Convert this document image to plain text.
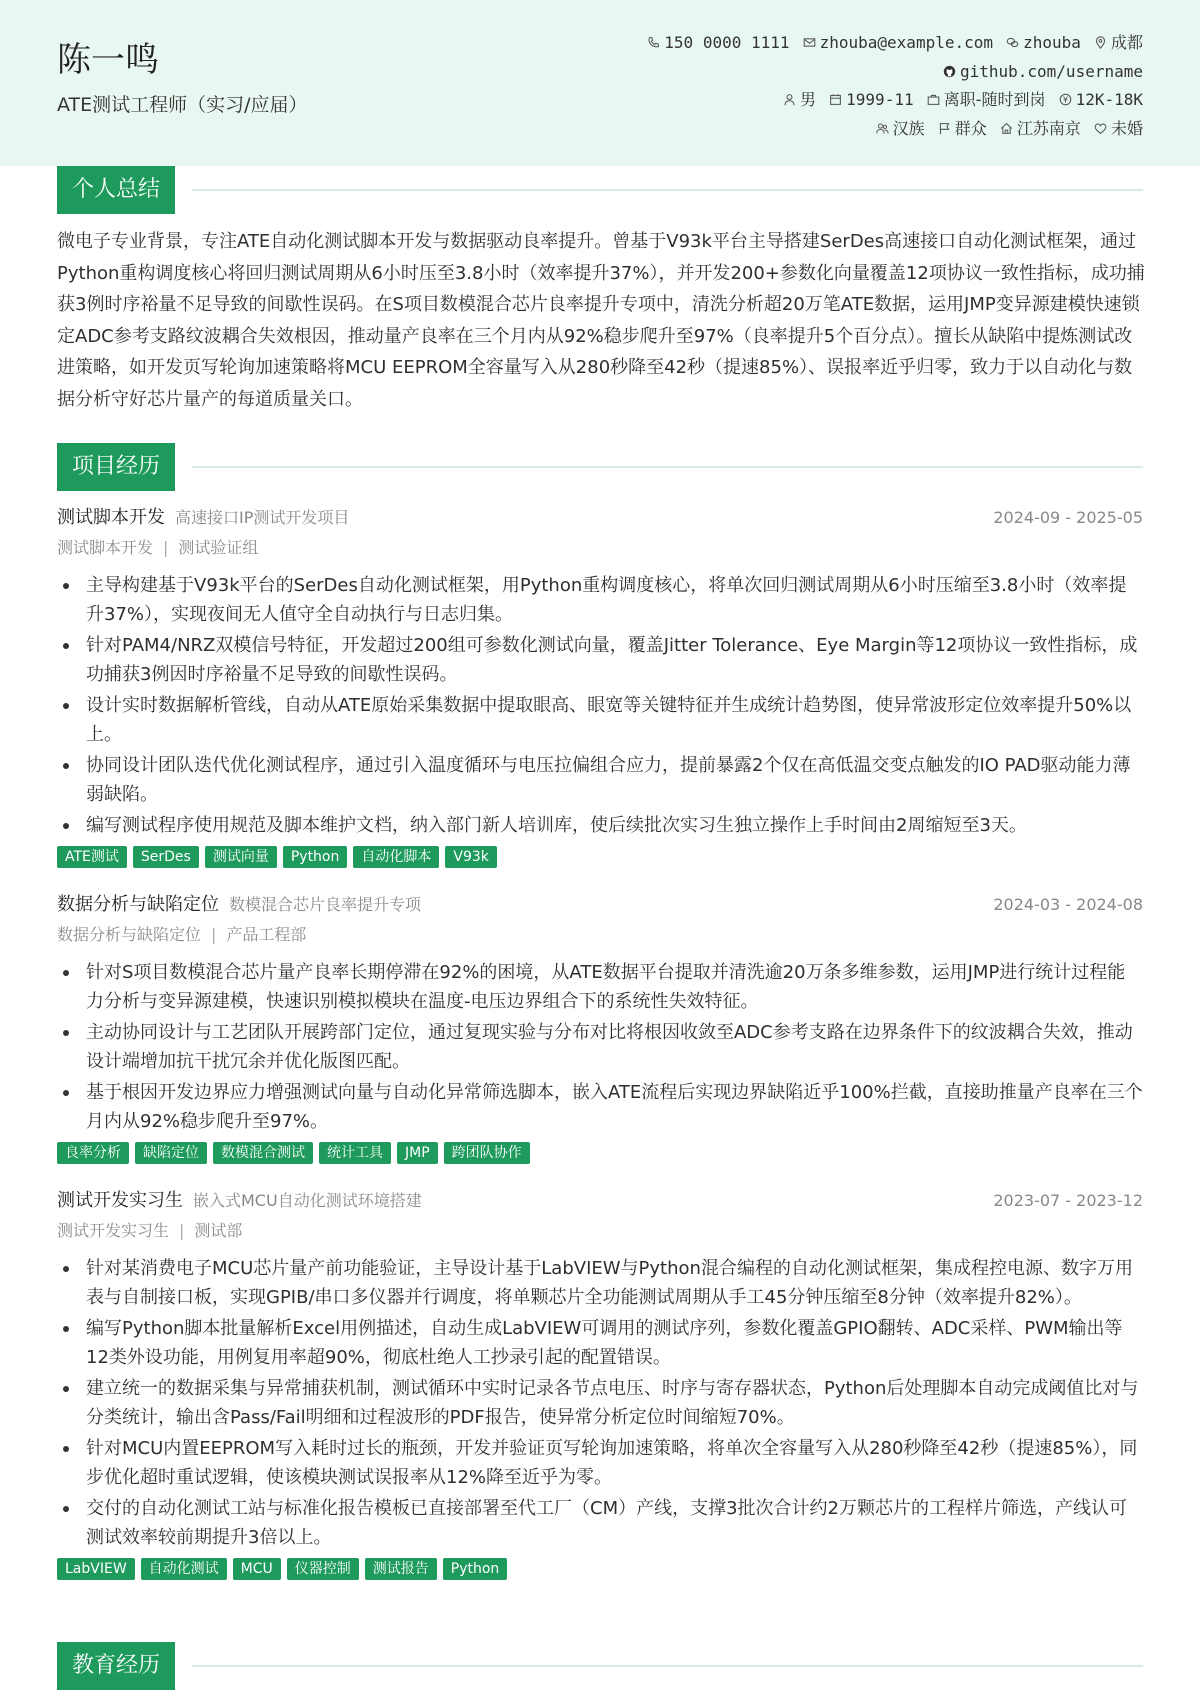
陈一鸣
ATE测试工程师（实习/应届）
150 0000 1111 zhouba@example.com zhouba 成都
github.com/username
男 1999-11 离职-随时到岗 12K-18K
汉族 群众 江苏南京 未婚
个人总结
微电子专业背景，专注ATE自动化测试脚本开发与数据驱动良率提升。曾基于V93k平台主导搭建SerDes高速接口自动化测试框架，通过Python重构调度核心将回归测试周期从6小时压至3.8小时（效率提升37%），并开发200+参数化向量覆盖12项协议一致性指标，成功捕获3例时序裕量不足导致的间歇性误码。在S项目数模混合芯片良率提升专项中，清洗分析超20万笔ATE数据，运用JMP变异源建模快速锁定ADC参考支路纹波耦合失效根因，推动量产良率在三个月内从92%稳步爬升至97%（良率提升5个百分点）。擅长从缺陷中提炼测试改进策略，如开发页写轮询加速策略将MCU EEPROM全容量写入从280秒降至42秒（提速85%）、误报率近乎归零，致力于以自动化与数据分析守好芯片量产的每道质量关口。
项目经历
测试脚本开发 高速接口IP测试开发项目	2024-09 - 2025-05
测试脚本开发 | 测试验证组
主导构建基于V93k平台的SerDes自动化测试框架，用Python重构调度核心，将单次回归测试周期从6小时压缩至3.8小时（效率提升37%），实现夜间无人值守全自动执行与日志归集。
针对PAM4/NRZ双模信号特征，开发超过200组可参数化测试向量，覆盖Jitter Tolerance、Eye Margin等12项协议一致性指标，成功捕获3例因时序裕量不足导致的间歇性误码。
设计实时数据解析管线，自动从ATE原始采集数据中提取眼高、眼宽等关键特征并生成统计趋势图，使异常波形定位效率提升50%以上。
协同设计团队迭代优化测试程序，通过引入温度循环与电压拉偏组合应力，提前暴露2个仅在高低温交变点触发的IO PAD驱动能力薄弱缺陷。
编写测试程序使用规范及脚本维护文档，纳入部门新人培训库，使后续批次实习生独立操作上手时间由2周缩短至3天。
ATE测试 SerDes 测试向量 Python 自动化脚本 V93k
数据分析与缺陷定位 数模混合芯片良率提升专项	2024-03 - 2024-08
数据分析与缺陷定位 | 产品工程部
针对S项目数模混合芯片量产良率长期停滞在92%的困境，从ATE数据平台提取并清洗逾20万条多维参数，运用JMP进行统计过程能力分析与变异源建模，快速识别模拟模块在温度-电压边界组合下的系统性失效特征。
主动协同设计与工艺团队开展跨部门定位，通过复现实验与分布对比将根因收敛至ADC参考支路在边界条件下的纹波耦合失效，推动设计端增加抗干扰冗余并优化版图匹配。
基于根因开发边界应力增强测试向量与自动化异常筛选脚本，嵌入ATE流程后实现边界缺陷近乎100%拦截，直接助推量产良率在三个月内从92%稳步爬升至97%。
良率分析 缺陷定位 数模混合测试 统计工具 JMP 跨团队协作
测试开发实习生 嵌入式MCU自动化测试环境搭建	2023-07 - 2023-12
测试开发实习生 | 测试部
针对某消费电子MCU芯片量产前功能验证，主导设计基于LabVIEW与Python混合编程的自动化测试框架，集成程控电源、数字万用表与自制接口板，实现GPIB/串口多仪器并行调度，将单颗芯片全功能测试周期从手工45分钟压缩至8分钟（效率提升82%）。
编写Python脚本批量解析Excel用例描述，自动生成LabVIEW可调用的测试序列，参数化覆盖GPIO翻转、ADC采样、PWM输出等12类外设功能，用例复用率超90%，彻底杜绝人工抄录引起的配置错误。
建立统一的数据采集与异常捕获机制，测试循环中实时记录各节点电压、时序与寄存器状态，Python后处理脚本自动完成阈值比对与分类统计，输出含Pass/Fail明细和过程波形的PDF报告，使异常分析定位时间缩短70%。
针对MCU内置EEPROM写入耗时过长的瓶颈，开发并验证页写轮询加速策略，将单次全容量写入从280秒降至42秒（提速85%），同步优化超时重试逻辑，使该模块测试误报率从12%降至近乎为零。
交付的自动化测试工站与标准化报告模板已直接部署至代工厂（CM）产线，支撑3批次合计约2万颗芯片的工程样片筛选，产线认可测试效率较前期提升3倍以上。
LabVIEW 自动化测试 MCU 仪器控制 测试报告 Python
教育经历
